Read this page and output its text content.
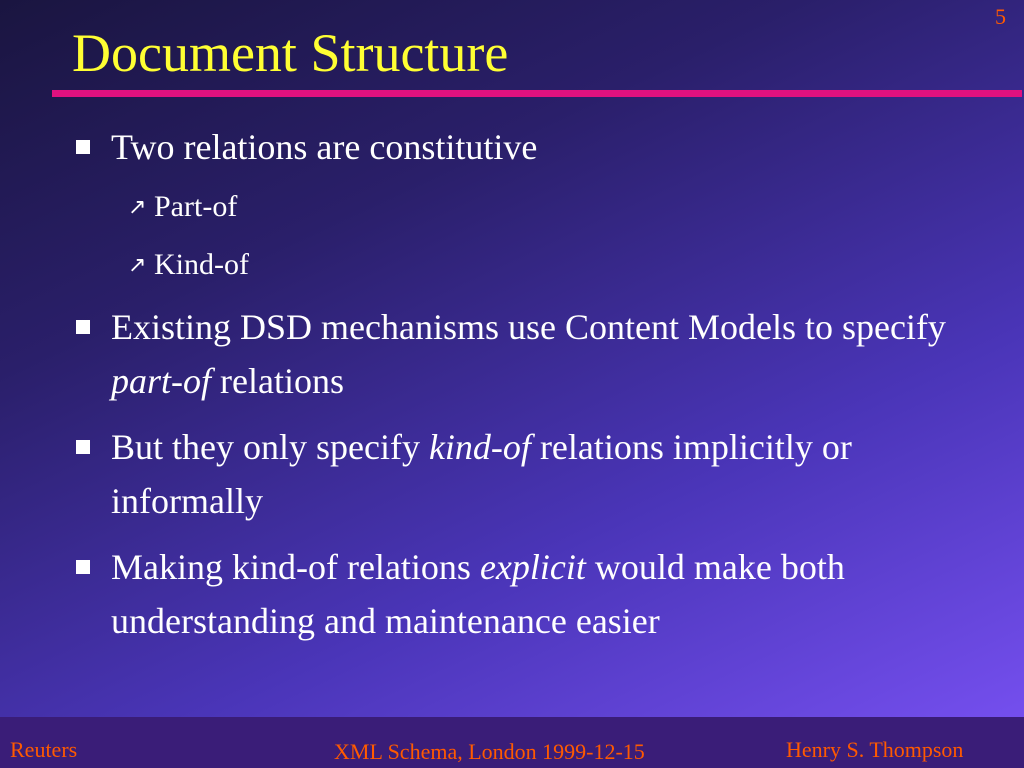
5
Document Structure
Two relations are constitutive
↗ Part-of
↗ Kind-of
Existing DSD mechanisms use Content Models to specify part-of relations
But they only specify kind-of relations implicitly or informally
Making kind-of relations explicit would make both understanding and maintenance easier
Reuters	XML Schema, London 1999-12-15	Henry S. Thompson
